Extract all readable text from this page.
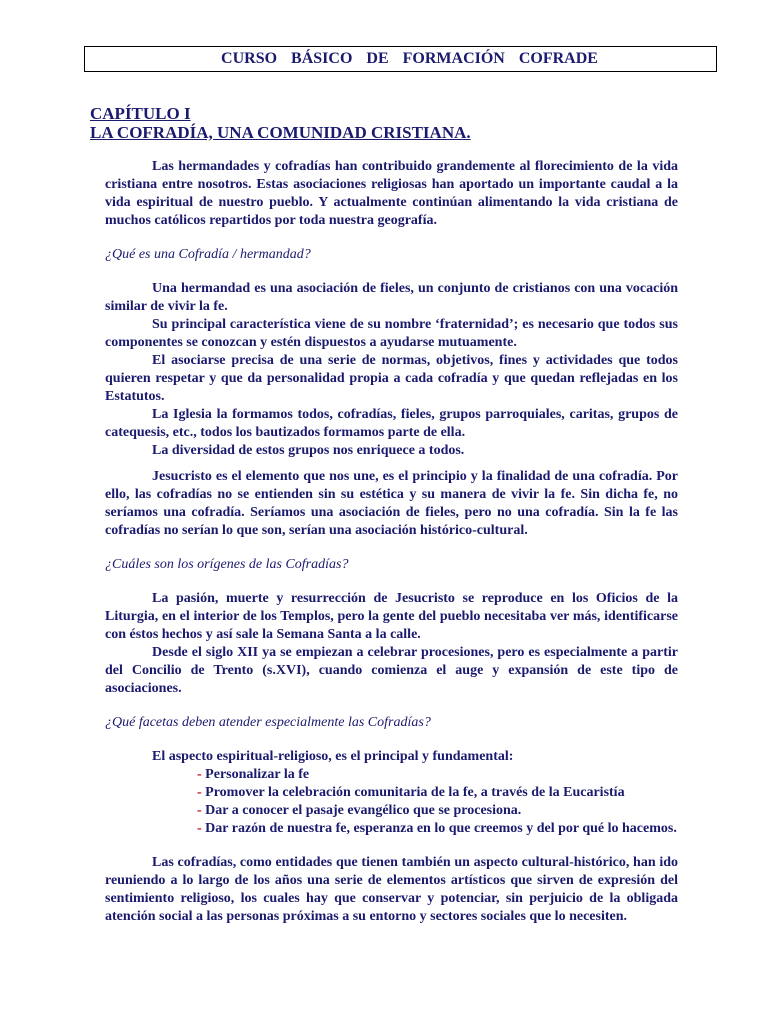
CURSO BÁSICO DE FORMACIÓN COFRADE
CAPÍTULO I
LA COFRADÍA, UNA COMUNIDAD CRISTIANA.

Las hermandades y cofradías han contribuido grandemente al florecimiento de la vida cristiana entre nosotros. Estas asociaciones religiosas han aportado un importante caudal a la vida espiritual de nuestro pueblo. Y actualmente continúan alimentando la vida cristiana de muchos católicos repartidos por toda nuestra geografía.

¿Qué es una Cofradía / hermandad?

Una hermandad es una asociación de fieles, un conjunto de cristianos con una vocación similar de vivir la fe.

Su principal característica viene de su nombre ‘fraternidad’; es necesario que todos sus componentes se conozcan y estén dispuestos a ayudarse mutuamente.

El asociarse precisa de una serie de normas, objetivos, fines y actividades que todos quieren respetar y que da personalidad propia a cada cofradía y que quedan reflejadas en los Estatutos.

La Iglesia la formamos todos, cofradías, fieles, grupos parroquiales, caritas, grupos de catequesis, etc., todos los bautizados formamos parte de ella.

La diversidad de estos grupos nos enriquece a todos.

Jesucristo es el elemento que nos une, es el principio y la finalidad de una cofradía. Por ello, las cofradías no se entienden sin su estética y su manera de vivir la fe. Sin dicha fe, no seríamos una cofradía. Seríamos una asociación de fieles, pero no una cofradía. Sin la fe las cofradías no serían lo que son, serían una asociación histórico-cultural.

¿Cuáles son los orígenes de las Cofradías?

La pasión, muerte y resurrección de Jesucristo se reproduce en los Oficios de la Liturgia, en el interior de los Templos, pero la gente del pueblo necesitaba ver más, identificarse con éstos hechos y así sale la Semana Santa a la calle.

Desde el siglo XII ya se empiezan a celebrar procesiones, pero es especialmente a partir del Concilio de Trento (s.XVI), cuando comienza el auge y expansión de este tipo de asociaciones.

¿Qué facetas deben atender especialmente las Cofradías?

El aspecto espiritual-religioso, es el principal y fundamental:

- Personalizar la fe
- Promover la celebración comunitaria de la fe, a través de la Eucaristía
- Dar a conocer el pasaje evangélico que se procesiona.
- Dar razón de nuestra fe, esperanza en lo que creemos y del por qué lo hacemos.

Las cofradías, como entidades que tienen también un aspecto cultural-histórico, han ido reuniendo a lo largo de los años una serie de elementos artísticos que sirven de expresión del sentimiento religioso, los cuales hay que conservar y potenciar, sin perjuicio de la obligada atención social a las personas próximas a su entorno y sectores sociales que lo necesiten.
